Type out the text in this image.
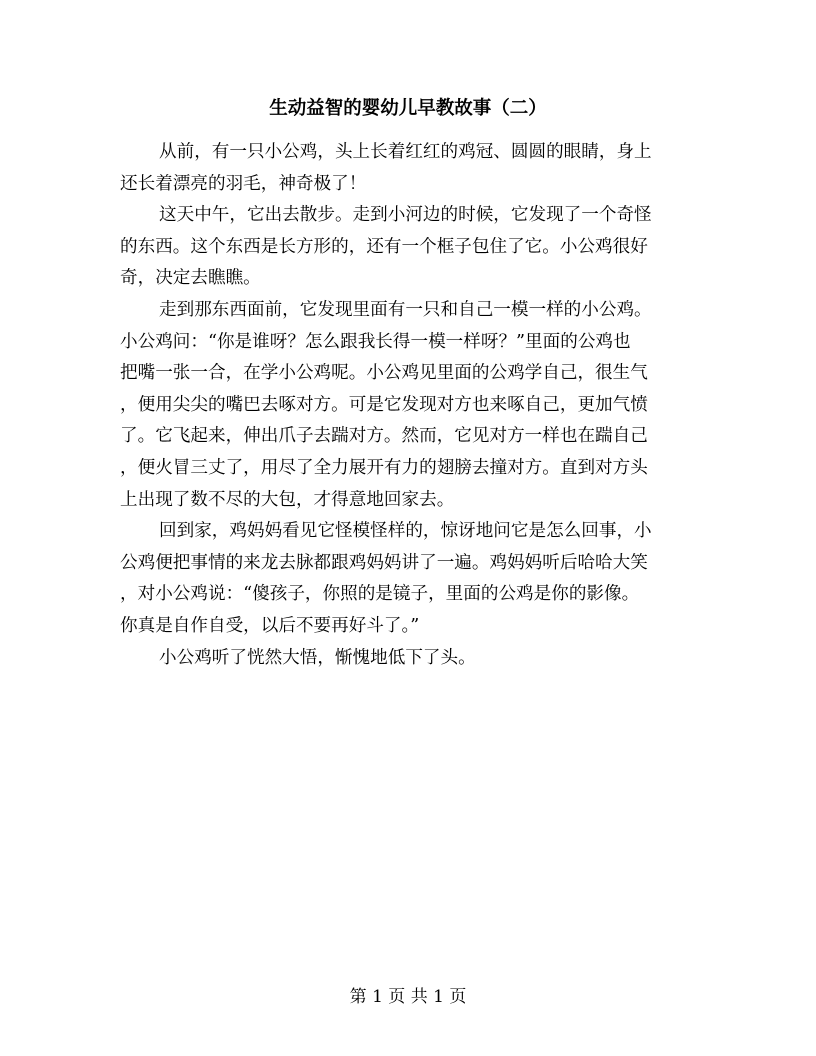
生动益智的婴幼儿早教故事（二）
从前，有一只小公鸡，头上长着红红的鸡冠、圆圆的眼睛，身上
还长着漂亮的羽毛，神奇极了！
这天中午，它出去散步。走到小河边的时候，它发现了一个奇怪
的东西。这个东西是长方形的，还有一个框子包住了它。小公鸡很好
奇，决定去瞧瞧。
走到那东西面前，它发现里面有一只和自己一模一样的小公鸡。
小公鸡问：“你是谁呀？怎么跟我长得一模一样呀？”里面的公鸡也
把嘴一张一合，在学小公鸡呢。小公鸡见里面的公鸡学自己，很生气
，便用尖尖的嘴巴去啄对方。可是它发现对方也来啄自己，更加气愤
了。它飞起来，伸出爪子去踹对方。然而，它见对方一样也在踹自己
，便火冒三丈了，用尽了全力展开有力的翅膀去撞对方。直到对方头
上出现了数不尽的大包，才得意地回家去。
回到家，鸡妈妈看见它怪模怪样的，惊讶地问它是怎么回事，小
公鸡便把事情的来龙去脉都跟鸡妈妈讲了一遍。鸡妈妈听后哈哈大笑
，对小公鸡说：“傻孩子，你照的是镜子，里面的公鸡是你的影像。
你真是自作自受，以后不要再好斗了。”
小公鸡听了恍然大悟，惭愧地低下了头。
第 1 页 共 1 页
